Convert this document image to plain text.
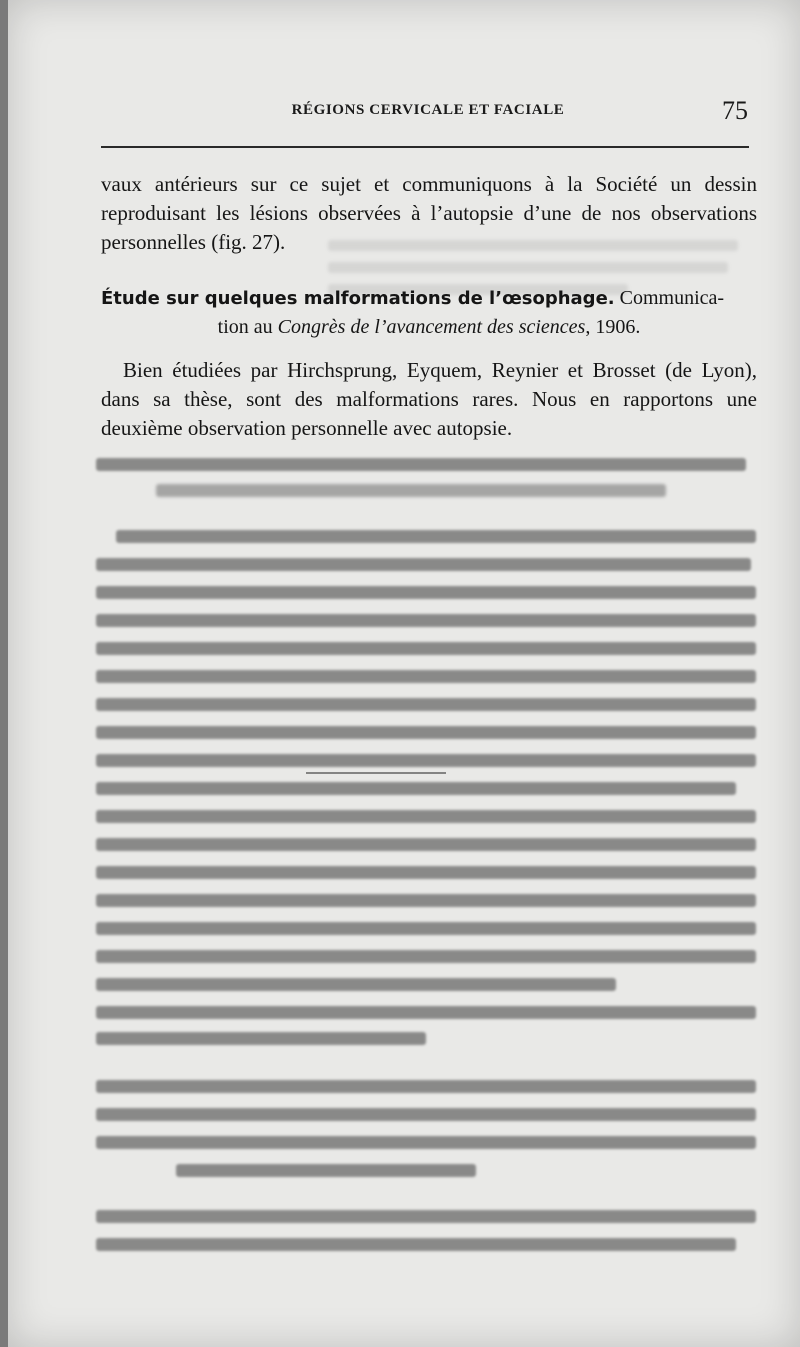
RÉGIONS CERVICALE ET FACIALE	75
vaux antérieurs sur ce sujet et communiquons à la Société un dessin reproduisant les lésions observées à l’autopsie d’une de nos observations personnelles (fig. 27).
Étude sur quelques malformations de l’œsophage. Communica-
tion au Congrès de l’avancement des sciences, 1906.
Bien étudiées par Hirchsprung, Eyquem, Reynier et Brosset (de Lyon), dans sa thèse, sont des malformations rares. Nous en rapportons une deuxième observation personnelle avec autopsie.
